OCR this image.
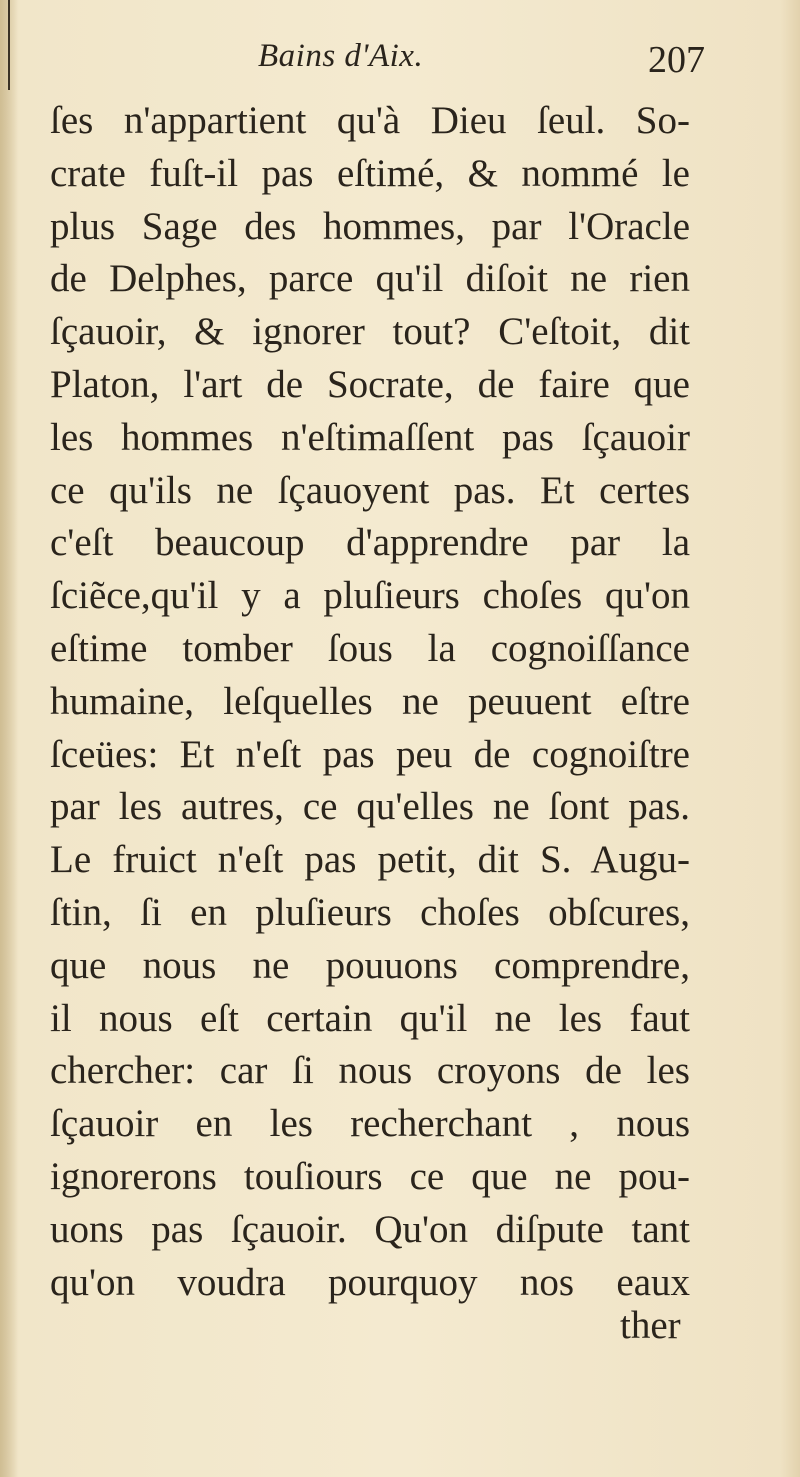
Bains d'Aix.	207
ſes n'appartient qu'à Dieu ſeul. So-
crate fuſt-il pas eſtimé, & nommé le
plus Sage des hommes, par l'Oracle
de Delphes, parce qu'il diſoit ne rien
ſçauoir, & ignorer tout? C'eſtoit, dit
Platon, l'art de Socrate, de faire que
les hommes n'eſtimaſſent pas ſçauoir
ce qu'ils ne ſçauoyent pas. Et certes
c'eſt beaucoup d'apprendre par la
ſciẽce,qu'il y a pluſieurs choſes qu'on
eſtime tomber ſous la cognoiſſance
humaine, leſquelles ne peuuent eſtre
ſceües: Et n'eſt pas peu de cognoiſtre
par les autres, ce qu'elles ne ſont pas.
Le fruict n'eſt pas petit, dit S. Augu-
ſtin, ſi en pluſieurs choſes obſcures,
que nous ne pouuons comprendre,
il nous eſt certain qu'il ne les faut
chercher: car ſi nous croyons de les
ſçauoir en les recherchant , nous
ignorerons touſiours ce que ne pou-
uons pas ſçauoir. Qu'on diſpute tant
qu'on voudra pourquoy nos eaux
ther
